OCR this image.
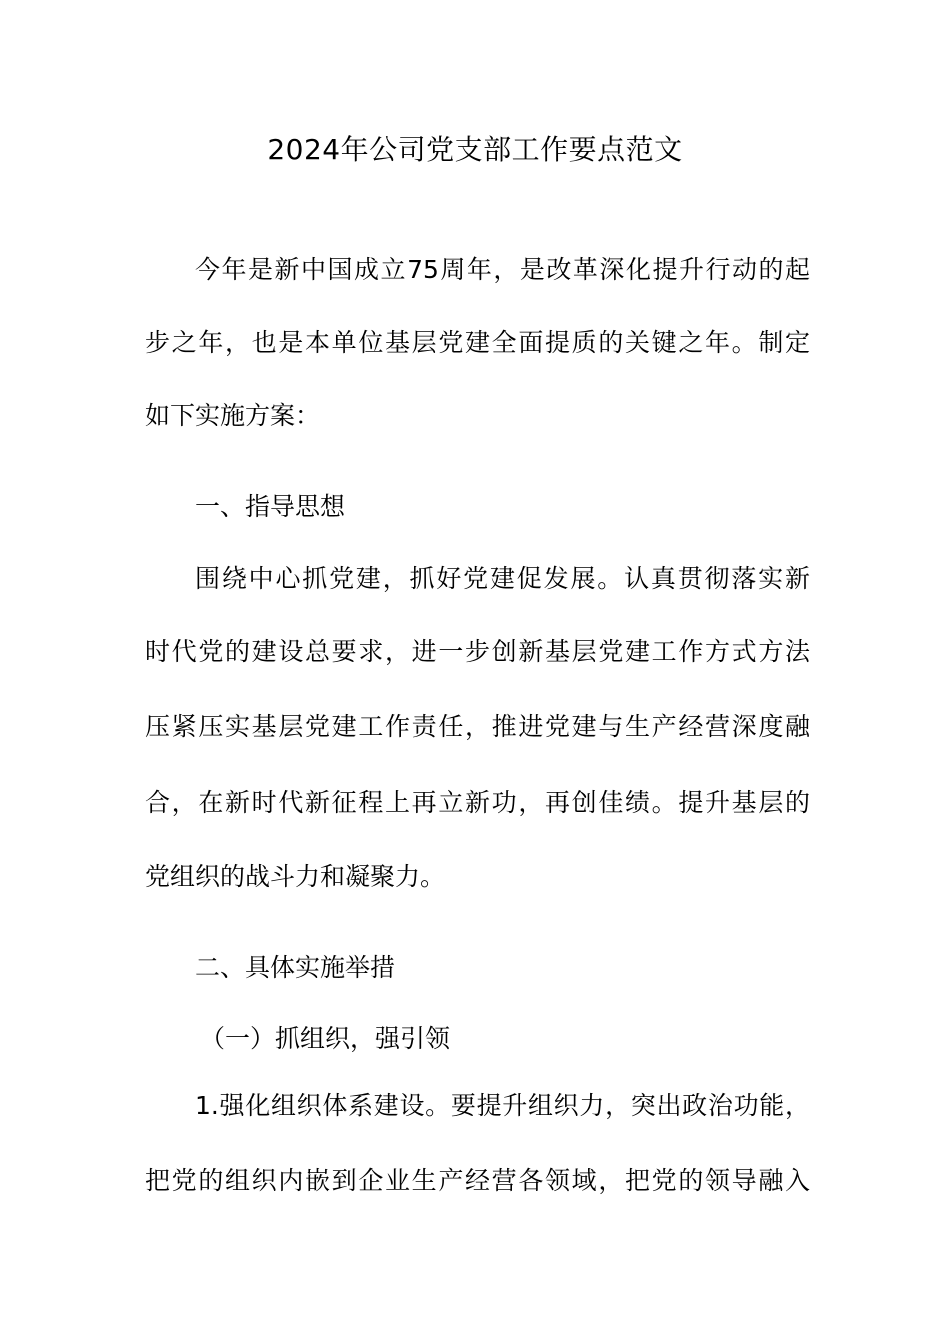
2024年公司党支部工作要点范文
今年是新中国成立75周年，是改革深化提升行动的起
步之年，也是本单位基层党建全面提质的关键之年。制定
如下实施方案：
一、指导思想
围绕中心抓党建，抓好党建促发展。认真贯彻落实新
时代党的建设总要求，进一步创新基层党建工作方式方法
压紧压实基层党建工作责任，推进党建与生产经营深度融
合，在新时代新征程上再立新功，再创佳绩。提升基层的
党组织的战斗力和凝聚力。
二、具体实施举措
（一）抓组织，强引领
1.强化组织体系建设。要提升组织力，突出政治功能，
把党的组织内嵌到企业生产经营各领域，把党的领导融入
